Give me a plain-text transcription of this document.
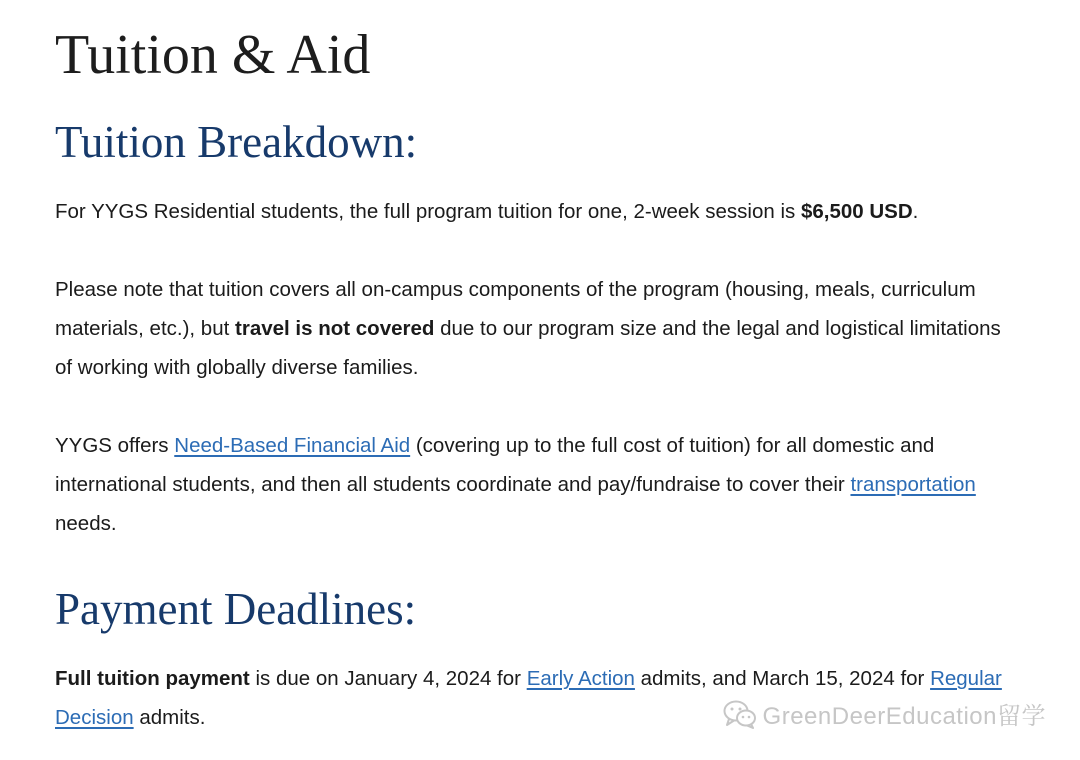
Tuition & Aid
Tuition Breakdown:

For YYGS Residential students, the full program tuition for one, 2-week session is $6,500 USD.

Please note that tuition covers all on-campus components of the program (housing, meals, curriculum materials, etc.), but travel is not covered due to our program size and the legal and logistical limitations of working with globally diverse families.

YYGS offers Need-Based Financial Aid (covering up to the full cost of tuition) for all domestic and international students, and then all students coordinate and pay/fundraise to cover their transportation needs.

Payment Deadlines:

Full tuition payment is due on January 4, 2024 for Early Action admits, and March 15, 2024 for Regular Decision admits.	GreenDeerEducation留学
